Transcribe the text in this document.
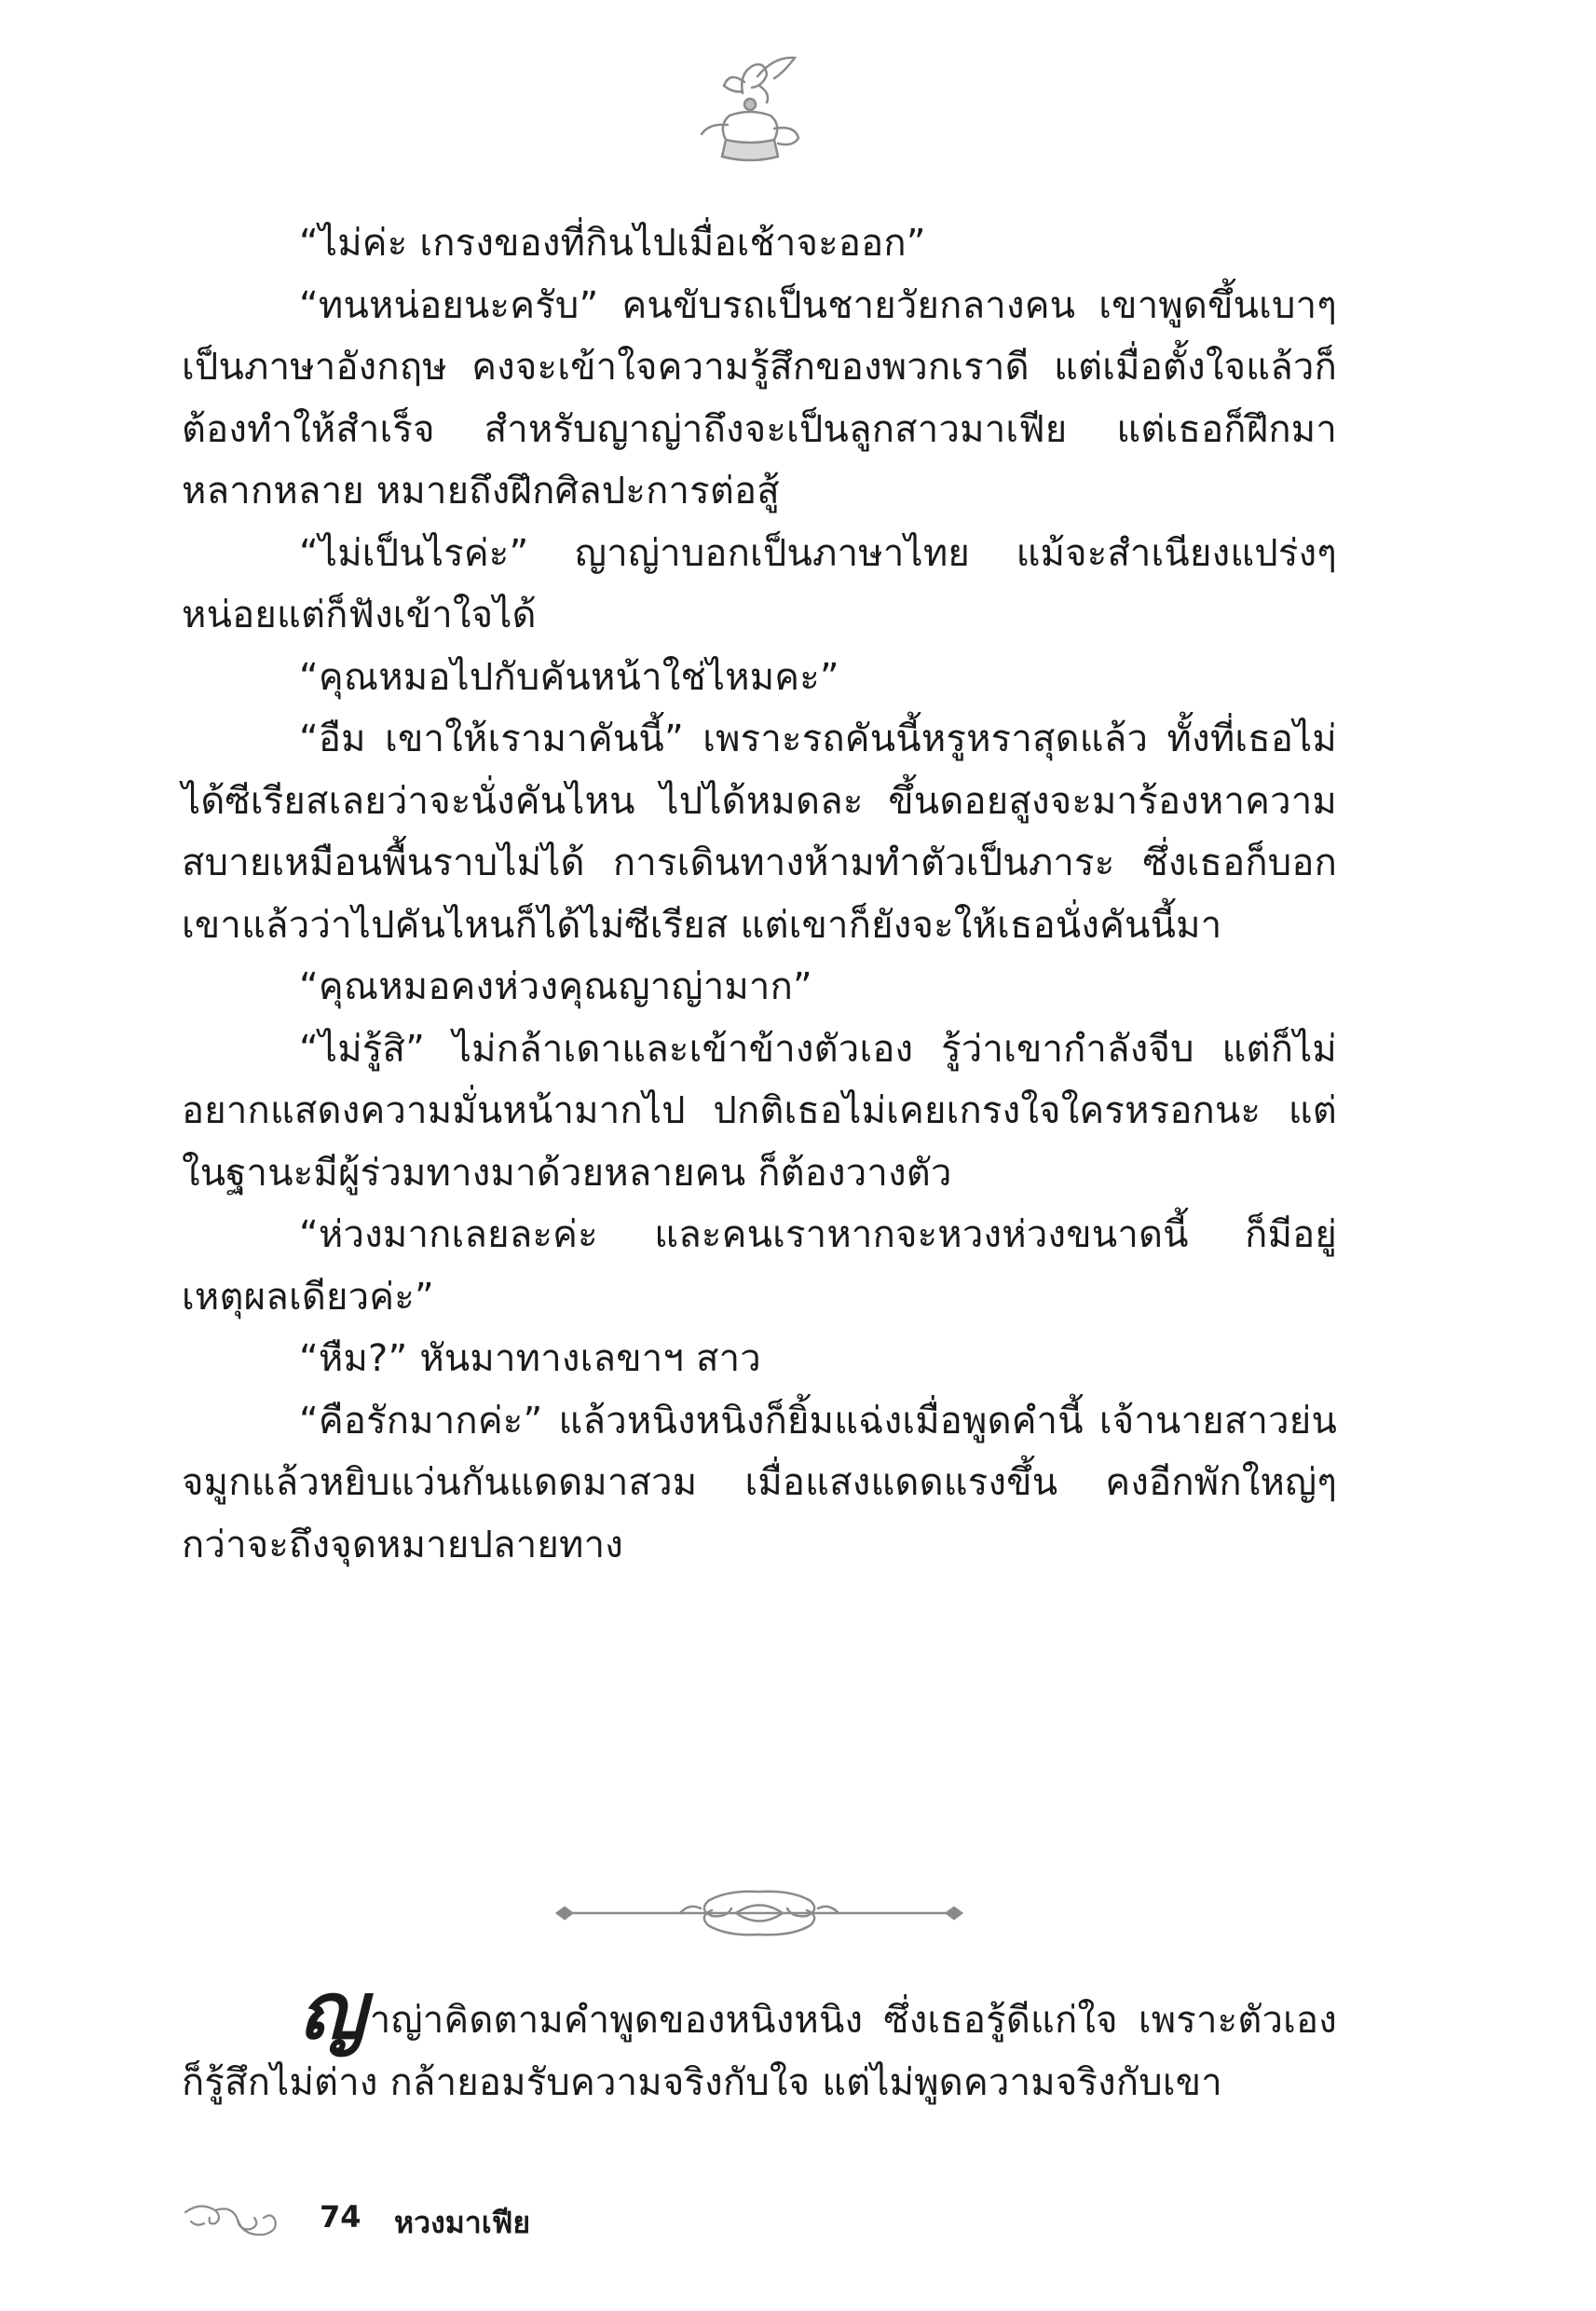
“ไม่ค่ะ เกรงของที่กินไปเมื่อเช้าจะออก”

“ทนหน่อยนะครับ” คนขับรถเป็นชายวัยกลางคน เขาพูดขึ้นเบาๆ เป็นภาษาอังกฤษ คงจะเข้าใจความรู้สึกของพวกเราดี แต่เมื่อตั้งใจแล้วก็ต้องทำให้สำเร็จ สำหรับญาญ่าถึงจะเป็นลูกสาวมาเฟีย แต่เธอก็ฝึกมาหลากหลาย หมายถึงฝึกศิลปะการต่อสู้

“ไม่เป็นไรค่ะ” ญาญ่าบอกเป็นภาษาไทย แม้จะสำเนียงแปร่งๆ หน่อยแต่ก็ฟังเข้าใจได้

“คุณหมอไปกับคันหน้าใช่ไหมคะ”

“อืม เขาให้เรามาคันนี้” เพราะรถคันนี้หรูหราสุดแล้ว ทั้งที่เธอไม่ได้ซีเรียสเลยว่าจะนั่งคันไหน ไปได้หมดละ ขึ้นดอยสูงจะมาร้องหาความสบายเหมือนพื้นราบไม่ได้ การเดินทางห้ามทำตัวเป็นภาระ ซึ่งเธอก็บอกเขาแล้วว่าไปคันไหนก็ได้ไม่ซีเรียส แต่เขาก็ยังจะให้เธอนั่งคันนี้มา

“คุณหมอคงห่วงคุณญาญ่ามาก”

“ไม่รู้สิ” ไม่กล้าเดาและเข้าข้างตัวเอง รู้ว่าเขากำลังจีบ แต่ก็ไม่อยากแสดงความมั่นหน้ามากไป ปกติเธอไม่เคยเกรงใจใครหรอกนะ แต่ในฐานะมีผู้ร่วมทางมาด้วยหลายคน ก็ต้องวางตัว

“ห่วงมากเลยละค่ะ และคนเราหากจะหวงห่วงขนาดนี้ ก็มีอยู่เหตุผลเดียวค่ะ”

“หืม?” หันมาทางเลขาฯ สาว

“คือรักมากค่ะ” แล้วหนิงหนิงก็ยิ้มแฉ่งเมื่อพูดคำนี้ เจ้านายสาวย่นจมูกแล้วหยิบแว่นกันแดดมาสวม เมื่อแสงแดดแรงขึ้น คงอีกพักใหญ่ๆ กว่าจะถึงจุดหมายปลายทาง

ญาญ่าคิดตามคำพูดของหนิงหนิง ซึ่งเธอรู้ดีแก่ใจ เพราะตัวเองก็รู้สึกไม่ต่าง กล้ายอมรับความจริงกับใจ แต่ไม่พูดความจริงกับเขา

74 หวงมาเฟีย
